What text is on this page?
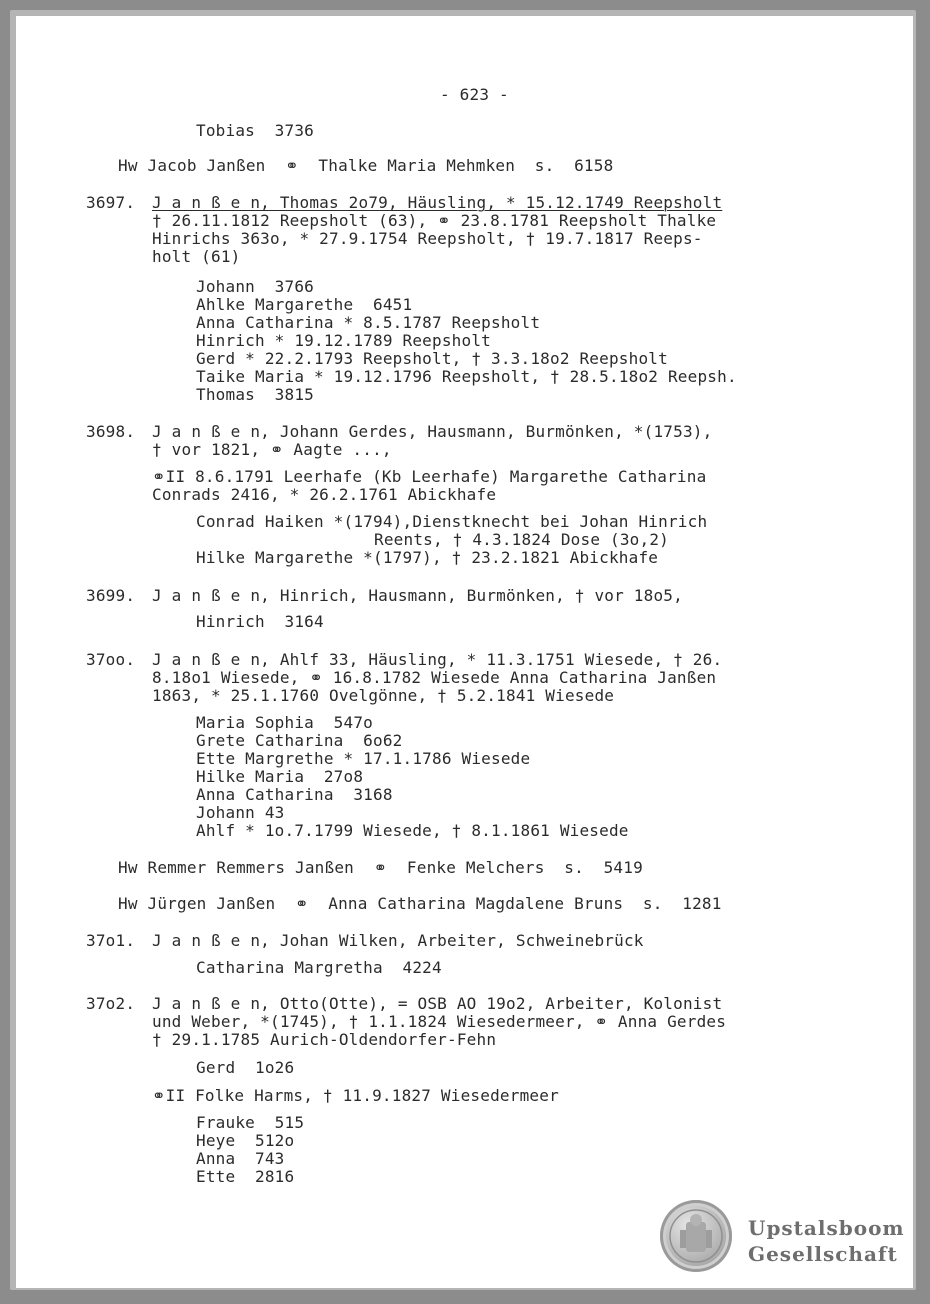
- 623 -
Tobias  3736
Hw Jacob Janßen  ⚭  Thalke Maria Mehmken  s.  6158
3697. J a n ß e n, Thomas 2o79, Häusling, * 15.12.1749 Reepsholt
† 26.11.1812 Reepsholt (63), ⚭ 23.8.1781 Reepsholt Thalke
Hinrichs 363o, * 27.9.1754 Reepsholt, † 19.7.1817 Reeps-
holt (61)
Johann  3766
Ahlke Margarethe  6451
Anna Catharina * 8.5.1787 Reepsholt
Hinrich * 19.12.1789 Reepsholt
Gerd * 22.2.1793 Reepsholt, † 3.3.18o2 Reepsholt
Taike Maria * 19.12.1796 Reepsholt, † 28.5.18o2 Reepsh.
Thomas  3815
3698. J a n ß e n, Johann Gerdes, Hausmann, Burmönken, *(1753),
† vor 1821, ⚭ Aagte ...,
⚭II 8.6.1791 Leerhafe (Kb Leerhafe) Margarethe Catharina
Conrads 2416, * 26.2.1761 Abickhafe
Conrad Haiken *(1794),Dienstknecht bei Johan Hinrich
Reents, † 4.3.1824 Dose (3o,2)
Hilke Margarethe *(1797), † 23.2.1821 Abickhafe
3699. J a n ß e n, Hinrich, Hausmann, Burmönken, † vor 18o5,
Hinrich  3164
37oo. J a n ß e n, Ahlf 33, Häusling, * 11.3.1751 Wiesede, † 26.
8.18o1 Wiesede, ⚭ 16.8.1782 Wiesede Anna Catharina Janßen
1863, * 25.1.1760 Ovelgönne, † 5.2.1841 Wiesede
Maria Sophia  547o
Grete Catharina  6o62
Ette Margrethe * 17.1.1786 Wiesede
Hilke Maria  27o8
Anna Catharina  3168
Johann 43
Ahlf * 1o.7.1799 Wiesede, † 8.1.1861 Wiesede
Hw Remmer Remmers Janßen  ⚭  Fenke Melchers  s.  5419
Hw Jürgen Janßen  ⚭  Anna Catharina Magdalene Bruns  s.  1281
37o1. J a n ß e n, Johan Wilken, Arbeiter, Schweinebrück
Catharina Margretha  4224
37o2. J a n ß e n, Otto(Otte), = OSB AO 19o2, Arbeiter, Kolonist
und Weber, *(1745), † 1.1.1824 Wiesedermeer, ⚭ Anna Gerdes
† 29.1.1785 Aurich-Oldendorfer-Fehn
Gerd  1o26
⚭II Folke Harms, † 11.9.1827 Wiesedermeer
Frauke  515
Heye  512o
Anna  743
Ette  2816
Upstalsboom
Gesellschaft
